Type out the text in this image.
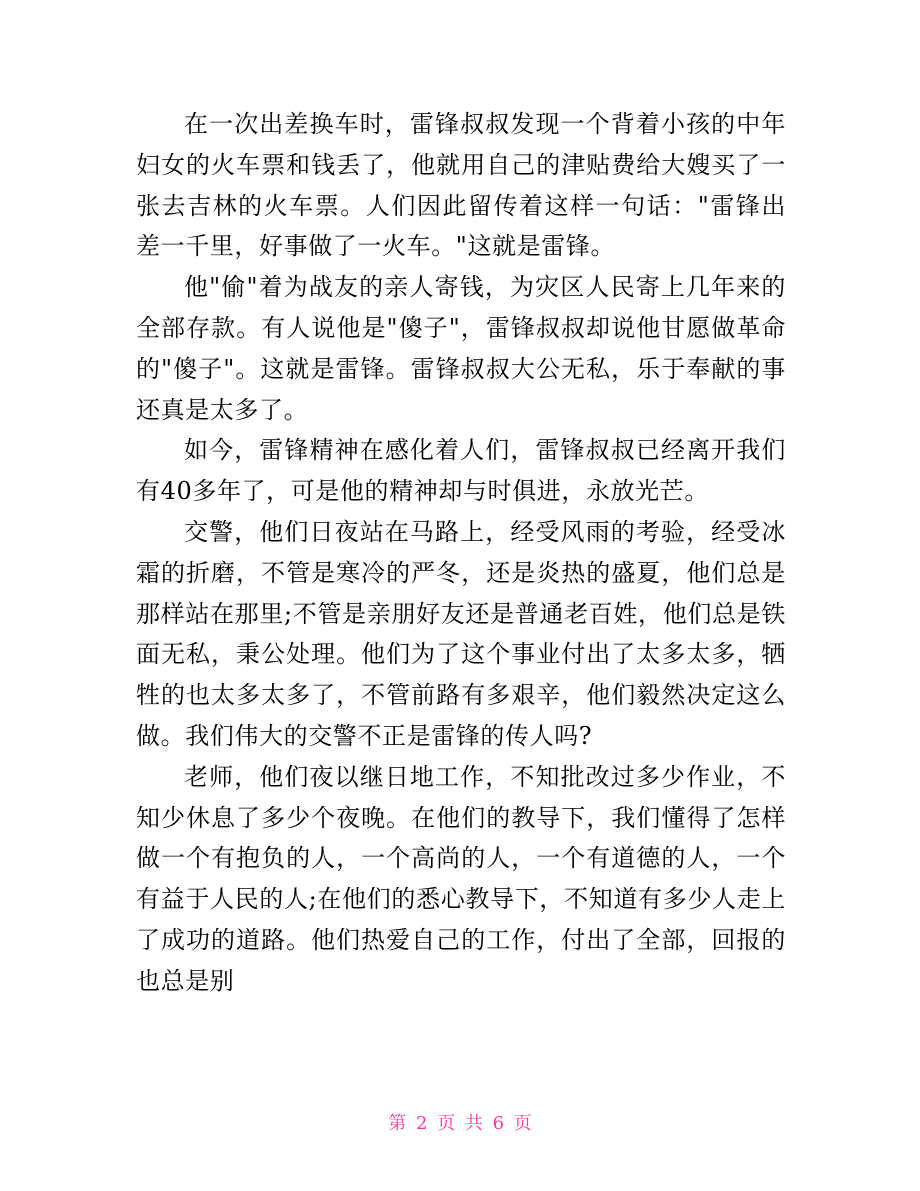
在一次出差换车时，雷锋叔叔发现一个背着小孩的中年妇女的火车票和钱丢了，他就用自己的津贴费给大嫂买了一张去吉林的火车票。人们因此留传着这样一句话："雷锋出差一千里，好事做了一火车。"这就是雷锋。

他"偷"着为战友的亲人寄钱，为灾区人民寄上几年来的全部存款。有人说他是"傻子"，雷锋叔叔却说他甘愿做革命的"傻子"。这就是雷锋。雷锋叔叔大公无私，乐于奉献的事还真是太多了。

如今，雷锋精神在感化着人们，雷锋叔叔已经离开我们有40多年了，可是他的精神却与时俱进，永放光芒。

交警，他们日夜站在马路上，经受风雨的考验，经受冰霜的折磨，不管是寒冷的严冬，还是炎热的盛夏，他们总是那样站在那里;不管是亲朋好友还是普通老百姓，他们总是铁面无私，秉公处理。他们为了这个事业付出了太多太多，牺牲的也太多太多了，不管前路有多艰辛，他们毅然决定这么做。我们伟大的交警不正是雷锋的传人吗?

老师，他们夜以继日地工作，不知批改过多少作业，不知少休息了多少个夜晚。在他们的教导下，我们懂得了怎样做一个有抱负的人，一个高尚的人，一个有道德的人，一个有益于人民的人;在他们的悉心教导下，不知道有多少人走上了成功的道路。他们热爱自己的工作，付出了全部，回报的也总是别

第 2 页 共 6 页
